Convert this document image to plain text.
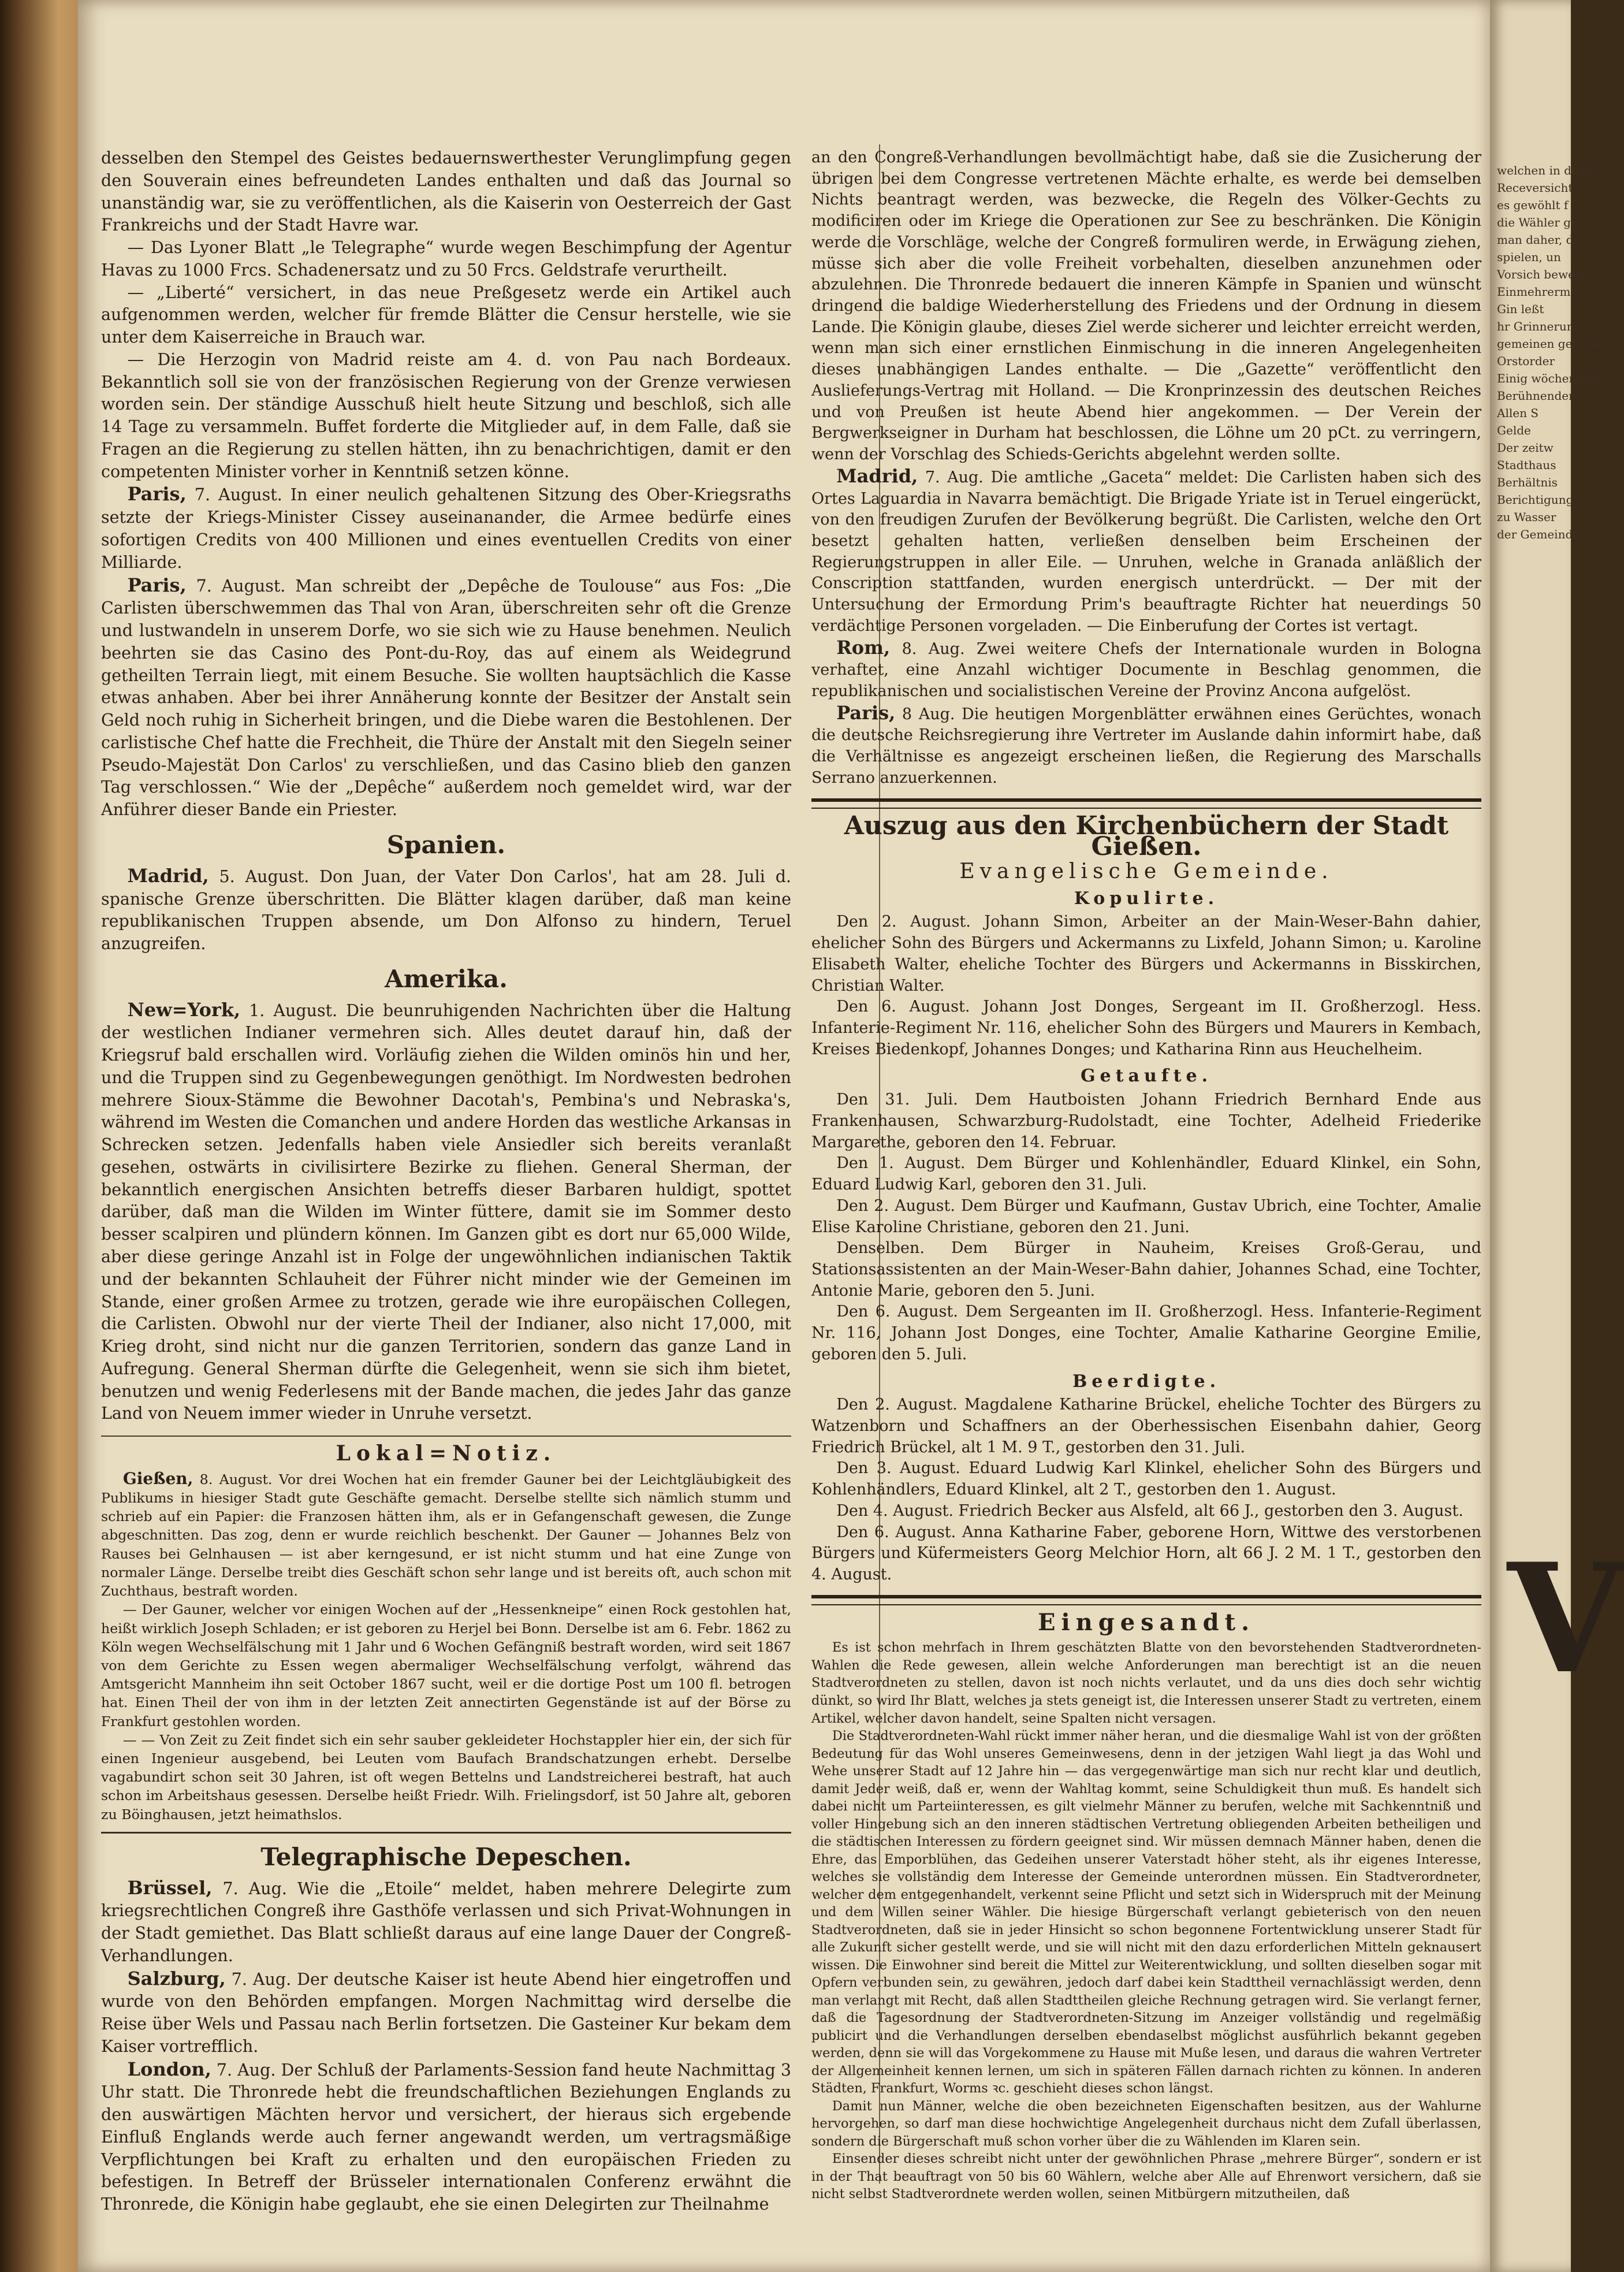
desselben den Stempel des Geistes bedauernswerthester Verunglimpfung gegen den Souverain eines befreundeten Landes enthalten und daß das Journal so unanständig war, sie zu veröffentlichen, als die Kaiserin von Oesterreich der Gast Frankreichs und der Stadt Havre war.

— Das Lyoner Blatt „le Telegraphe“ wurde wegen Beschimpfung der Agentur Havas zu 1000 Frcs. Schadenersatz und zu 50 Frcs. Geldstrafe verurtheilt.

— „Liberté“ versichert, in das neue Preßgesetz werde ein Artikel auch aufgenommen werden, welcher für fremde Blätter die Censur herstelle, wie sie unter dem Kaiserreiche in Brauch war.

— Die Herzogin von Madrid reiste am 4. d. von Pau nach Bordeaux. Bekanntlich soll sie von der französischen Regierung von der Grenze verwiesen worden sein. Der ständige Ausschuß hielt heute Sitzung und beschloß, sich alle 14 Tage zu versammeln. Buffet forderte die Mitglieder auf, in dem Falle, daß sie Fragen an die Regierung zu stellen hätten, ihn zu benachrichtigen, damit er den competenten Minister vorher in Kenntniß setzen könne.

Paris, 7. August. In einer neulich gehaltenen Sitzung des Ober-Kriegsraths setzte der Kriegs-Minister Cissey auseinanander, die Armee bedürfe eines sofortigen Credits von 400 Millionen und eines eventuellen Credits von einer Milliarde.

Paris, 7. August. Man schreibt der „Depêche de Toulouse“ aus Fos: „Die Carlisten überschwemmen das Thal von Aran, überschreiten sehr oft die Grenze und lustwandeln in unserem Dorfe, wo sie sich wie zu Hause benehmen. Neulich beehrten sie das Casino des Pont-du-Roy, das auf einem als Weidegrund getheilten Terrain liegt, mit einem Besuche. Sie wollten hauptsächlich die Kasse etwas anhaben. Aber bei ihrer Annäherung konnte der Besitzer der Anstalt sein Geld noch ruhig in Sicherheit bringen, und die Diebe waren die Bestohlenen. Der carlistische Chef hatte die Frechheit, die Thüre der Anstalt mit den Siegeln seiner Pseudo-Majestät Don Carlos' zu verschließen, und das Casino blieb den ganzen Tag verschlossen.“ Wie der „Depêche“ außerdem noch gemeldet wird, war der Anführer dieser Bande ein Priester.

Spanien.

Madrid, 5. August. Don Juan, der Vater Don Carlos', hat am 28. Juli d. spanische Grenze überschritten. Die Blätter klagen darüber, daß man keine republikanischen Truppen absende, um Don Alfonso zu hindern, Teruel anzugreifen.

Amerika.

New=York, 1. August. Die beunruhigenden Nachrichten über die Haltung der westlichen Indianer vermehren sich. Alles deutet darauf hin, daß der Kriegsruf bald erschallen wird. Vorläufig ziehen die Wilden ominös hin und her, und die Truppen sind zu Gegenbewegungen genöthigt. Im Nordwesten bedrohen mehrere Sioux-Stämme die Bewohner Dacotah's, Pembina's und Nebraska's, während im Westen die Comanchen und andere Horden das westliche Arkansas in Schrecken setzen. Jedenfalls haben viele Ansiedler sich bereits veranlaßt gesehen, ostwärts in civilisirtere Bezirke zu fliehen. General Sherman, der bekanntlich energischen Ansichten betreffs dieser Barbaren huldigt, spottet darüber, daß man die Wilden im Winter füttere, damit sie im Sommer desto besser scalpiren und plündern können. Im Ganzen gibt es dort nur 65,000 Wilde, aber diese geringe Anzahl ist in Folge der ungewöhnlichen indianischen Taktik und der bekannten Schlauheit der Führer nicht minder wie der Gemeinen im Stande, einer großen Armee zu trotzen, gerade wie ihre europäischen Collegen, die Carlisten. Obwohl nur der vierte Theil der Indianer, also nicht 17,000, mit Krieg droht, sind nicht nur die ganzen Territorien, sondern das ganze Land in Aufregung. General Sherman dürfte die Gelegenheit, wenn sie sich ihm bietet, benutzen und wenig Federlesens mit der Bande machen, die jedes Jahr das ganze Land von Neuem immer wieder in Unruhe versetzt.

Lokal=Notiz.

Gießen, 8. August. Vor drei Wochen hat ein fremder Gauner bei der Leichtgläubigkeit des Publikums in hiesiger Stadt gute Geschäfte gemacht. Derselbe stellte sich nämlich stumm und schrieb auf ein Papier: die Franzosen hätten ihm, als er in Gefangenschaft gewesen, die Zunge abgeschnitten. Das zog, denn er wurde reichlich beschenkt. Der Gauner — Johannes Belz von Rauses bei Gelnhausen — ist aber kerngesund, er ist nicht stumm und hat eine Zunge von normaler Länge. Derselbe treibt dies Geschäft schon sehr lange und ist bereits oft, auch schon mit Zuchthaus, bestraft worden.

— Der Gauner, welcher vor einigen Wochen auf der „Hessenkneipe“ einen Rock gestohlen hat, heißt wirklich Joseph Schladen; er ist geboren zu Herjel bei Bonn. Derselbe ist am 6. Febr. 1862 zu Köln wegen Wechselfälschung mit 1 Jahr und 6 Wochen Gefängniß bestraft worden, wird seit 1867 von dem Gerichte zu Essen wegen abermaliger Wechselfälschung verfolgt, während das Amtsgericht Mannheim ihn seit October 1867 sucht, weil er die dortige Post um 100 fl. betrogen hat. Einen Theil der von ihm in der letzten Zeit annectirten Gegenstände ist auf der Börse zu Frankfurt gestohlen worden.

— — Von Zeit zu Zeit findet sich ein sehr sauber gekleideter Hochstappler hier ein, der sich für einen Ingenieur ausgebend, bei Leuten vom Baufach Brandschatzungen erhebt. Derselbe vagabundirt schon seit 30 Jahren, ist oft wegen Bettelns und Landstreicherei bestraft, hat auch schon im Arbeitshaus gesessen. Derselbe heißt Friedr. Wilh. Frielingsdorf, ist 50 Jahre alt, geboren zu Böinghausen, jetzt heimathslos.

Telegraphische Depeschen.

Brüssel, 7. Aug. Wie die „Etoile“ meldet, haben mehrere Delegirte zum kriegsrechtlichen Congreß ihre Gasthöfe verlassen und sich Privat-Wohnungen in der Stadt gemiethet. Das Blatt schließt daraus auf eine lange Dauer der Congreß-Verhandlungen.

Salzburg, 7. Aug. Der deutsche Kaiser ist heute Abend hier eingetroffen und wurde von den Behörden empfangen. Morgen Nachmittag wird derselbe die Reise über Wels und Passau nach Berlin fortsetzen. Die Gasteiner Kur bekam dem Kaiser vortrefflich.

London, 7. Aug. Der Schluß der Parlaments-Session fand heute Nachmittag 3 Uhr statt. Die Thronrede hebt die freundschaftlichen Beziehungen Englands zu den auswärtigen Mächten hervor und versichert, der hieraus sich ergebende Einfluß Englands werde auch ferner angewandt werden, um vertragsmäßige Verpflichtungen bei Kraft zu erhalten und den europäischen Frieden zu befestigen. In Betreff der Brüsseler internationalen Conferenz erwähnt die Thronrede, die Königin habe geglaubt, ehe sie einen Delegirten zur Theilnahme

an den Congreß-Verhandlungen bevollmächtigt habe, daß sie die Zusicherung der übrigen bei dem Congresse vertretenen Mächte erhalte, es werde bei demselben Nichts beantragt werden, was bezwecke, die Regeln des Völker-Gechts zu modificiren oder im Kriege die Operationen zur See zu beschränken. Die Königin werde die Vorschläge, welche der Congreß formuliren werde, in Erwägung ziehen, müsse sich aber die volle Freiheit vorbehalten, dieselben anzunehmen oder abzulehnen. Die Thronrede bedauert die inneren Kämpfe in Spanien und wünscht dringend die baldige Wiederherstellung des Friedens und der Ordnung in diesem Lande. Die Königin glaube, dieses Ziel werde sicherer und leichter erreicht werden, wenn man sich einer ernstlichen Einmischung in die inneren Angelegenheiten dieses unabhängigen Landes enthalte. — Die „Gazette“ veröffentlicht den Auslieferungs-Vertrag mit Holland. — Die Kronprinzessin des deutschen Reiches und von Preußen ist heute Abend hier angekommen. — Der Verein der Bergwerkseigner in Durham hat beschlossen, die Löhne um 20 pCt. zu verringern, wenn der Vorschlag des Schieds-Gerichts abgelehnt werden sollte.

Madrid, 7. Aug. Die amtliche „Gaceta“ meldet: Die Carlisten haben sich des Ortes Laguardia in Navarra bemächtigt. Die Brigade Yriate ist in Teruel eingerückt, von den freudigen Zurufen der Bevölkerung begrüßt. Die Carlisten, welche den Ort besetzt gehalten hatten, verließen denselben beim Erscheinen der Regierungstruppen in aller Eile. — Unruhen, welche in Granada anläßlich der Conscription stattfanden, wurden energisch unterdrückt. — Der mit der Untersuchung der Ermordung Prim's beauftragte Richter hat neuerdings 50 verdächtige Personen vorgeladen. — Die Einberufung der Cortes ist vertagt.

Rom, 8. Aug. Zwei weitere Chefs der Internationale wurden in Bologna verhaftet, eine Anzahl wichtiger Documente in Beschlag genommen, die republikanischen und socialistischen Vereine der Provinz Ancona aufgelöst.

Paris, 8 Aug. Die heutigen Morgenblätter erwähnen eines Gerüchtes, wonach die deutsche Reichsregierung ihre Vertreter im Auslande dahin informirt habe, daß die Verhältnisse es angezeigt erscheinen ließen, die Regierung des Marschalls Serrano anzuerkennen.

Auszug aus den Kirchenbüchern der Stadt Gießen.
Evangelische Gemeinde.
Kopulirte.

Den 2. August. Johann Simon, Arbeiter an der Main-Weser-Bahn dahier, ehelicher Sohn des Bürgers und Ackermanns zu Lixfeld, Johann Simon; u. Karoline Elisabeth Walter, eheliche Tochter des Bürgers und Ackermanns in Bisskirchen, Christian Walter.

Den 6. August. Johann Jost Donges, Sergeant im II. Großherzogl. Hess. Infanterie-Regiment Nr. 116, ehelicher Sohn des Bürgers und Maurers in Kembach, Kreises Biedenkopf, Johannes Donges; und Katharina Rinn aus Heuchelheim.

Getaufte.

Den 31. Juli. Dem Hautboisten Johann Friedrich Bernhard Ende aus Frankenhausen, Schwarzburg-Rudolstadt, eine Tochter, Adelheid Friederike Margarethe, geboren den 14. Februar.

Den 1. August. Dem Bürger und Kohlenhändler, Eduard Klinkel, ein Sohn, Eduard Ludwig Karl, geboren den 31. Juli.

Den 2. August. Dem Bürger und Kaufmann, Gustav Ubrich, eine Tochter, Amalie Elise Karoline Christiane, geboren den 21. Juni.

Denselben. Dem Bürger in Nauheim, Kreises Groß-Gerau, und Stationsassistenten an der Main-Weser-Bahn dahier, Johannes Schad, eine Tochter, Antonie Marie, geboren den 5. Juni.

Den 6. August. Dem Sergeanten im II. Großherzogl. Hess. Infanterie-Regiment Nr. 116, Johann Jost Donges, eine Tochter, Amalie Katharine Georgine Emilie, geboren den 5. Juli.

Beerdigte.

Den 2. August. Magdalene Katharine Brückel, eheliche Tochter des Bürgers zu Watzenborn und Schaffners an der Oberhessischen Eisenbahn dahier, Georg Friedrich Brückel, alt 1 M. 9 T., gestorben den 31. Juli.

Den 3. August. Eduard Ludwig Karl Klinkel, ehelicher Sohn des Bürgers und Kohlenhändlers, Eduard Klinkel, alt 2 T., gestorben den 1. August.

Den 4. August. Friedrich Becker aus Alsfeld, alt 66 J., gestorben den 3. August.

Den 6. August. Anna Katharine Faber, geborene Horn, Wittwe des verstorbenen Bürgers und Küfermeisters Georg Melchior Horn, alt 66 J. 2 M. 1 T., gestorben den 4. August.

Eingesandt.

Es ist schon mehrfach in Ihrem geschätzten Blatte von den bevorstehenden Stadtverordneten-Wahlen die Rede gewesen, allein welche Anforderungen man berechtigt ist an die neuen Stadtverordneten zu stellen, davon ist noch nichts verlautet, und da uns dies doch sehr wichtig dünkt, so wird Ihr Blatt, welches ja stets geneigt ist, die Interessen unserer Stadt zu vertreten, einem Artikel, welcher davon handelt, seine Spalten nicht versagen.

Die Stadtverordneten-Wahl rückt immer näher heran, und die diesmalige Wahl ist von der größten Bedeutung für das Wohl unseres Gemeinwesens, denn in der jetzigen Wahl liegt ja das Wohl und Wehe unserer Stadt auf 12 Jahre hin — das vergegenwärtige man sich nur recht klar und deutlich, damit Jeder weiß, daß er, wenn der Wahltag kommt, seine Schuldigkeit thun muß. Es handelt sich dabei nicht um Parteiinteressen, es gilt vielmehr Männer zu berufen, welche mit Sachkenntniß und voller Hingebung sich an den inneren städtischen Vertretung obliegenden Arbeiten betheiligen und die städtischen Interessen zu fördern geeignet sind. Wir müssen demnach Männer haben, denen die Ehre, das Emporblühen, das Gedeihen unserer Vaterstadt höher steht, als ihr eigenes Interesse, welches sie vollständig dem Interesse der Gemeinde unterordnen müssen. Ein Stadtverordneter, welcher dem entgegenhandelt, verkennt seine Pflicht und setzt sich in Widerspruch mit der Meinung und dem Willen seiner Wähler. Die hiesige Bürgerschaft verlangt gebieterisch von den neuen Stadtverordneten, daß sie in jeder Hinsicht so schon begonnene Fortentwicklung unserer Stadt für alle Zukunft sicher gestellt werde, und sie will nicht mit den dazu erforderlichen Mitteln geknausert wissen. Die Einwohner sind bereit die Mittel zur Weiterentwicklung, und sollten dieselben sogar mit Opfern verbunden sein, zu gewähren, jedoch darf dabei kein Stadttheil vernachlässigt werden, denn man verlangt mit Recht, daß allen Stadttheilen gleiche Rechnung getragen wird. Sie verlangt ferner, daß die Tagesordnung der Stadtverordneten-Sitzung im Anzeiger vollständig und regelmäßig publicirt und die Verhandlungen derselben ebendaselbst möglichst ausführlich bekannt gegeben werden, denn sie will das Vorgekommene zu Hause mit Muße lesen, und daraus die wahren Vertreter der Allgemeinheit kennen lernen, um sich in späteren Fällen darnach richten zu können. In anderen Städten, Frankfurt, Worms ꝛc. geschieht dieses schon längst.

Damit nun Männer, welche die oben bezeichneten Eigenschaften besitzen, aus der Wahlurne hervorgehen, so darf man diese hochwichtige Angelegenheit durchaus nicht dem Zufall überlassen, sondern die Bürgerschaft muß schon vorher über die zu Wählenden im Klaren sein.

Einsender dieses schreibt nicht unter der gewöhnlichen Phrase „mehrere Bürger“, sondern er ist in der That beauftragt von 50 bis 60 Wählern, welche aber Alle auf Ehrenwort versichern, daß sie nicht selbst Stadtverordnete werden wollen, seinen Mitbürgern mitzutheilen, daß

welchen in diese
Receversicht
es gewöhlt f
die Wähler gesi
man daher, das
spielen, un
Vorsich beweist
Einmehrerm
Gin leßt
hr Grinnerung
gemeinen gesund
Orstorder
Einig wöchentlich
Berühnender
Allen S
Gelde
Der zeitw
Stadthaus
Berhältnis
Berichtigung
zu Wasser
der Gemeinde
V
